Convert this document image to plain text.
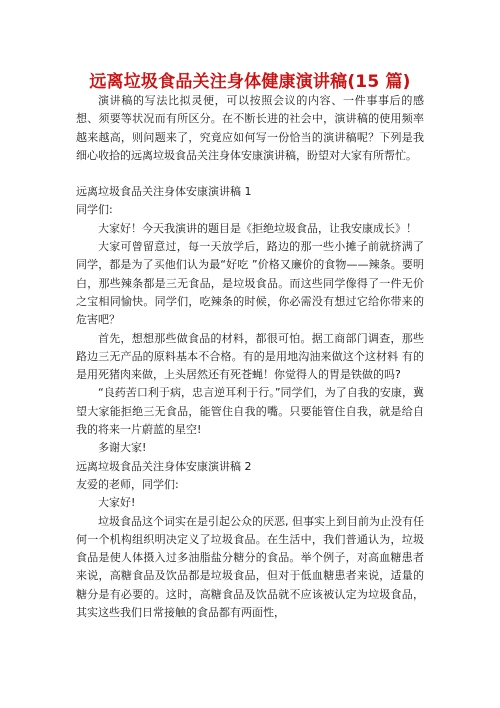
远离垃圾食品关注身体健康演讲稿(15 篇)

演讲稿的写法比拟灵便，可以按照会议的内容、一件事事后的感想、须要等状况而有所区分。在不断长进的社会中，演讲稿的使用频率越来越高，则问题来了，究竟应如何写一份恰当的演讲稿呢？下列是我细心收拾的远离垃圾食品关注身体安康演讲稿，盼望对大家有所帮忙。

远离垃圾食品关注身体安康演讲稿 1

同学们:

大家好！今天我演讲的题目是《拒绝垃圾食品，让我安康成长》！

大家可曾留意过，每一天放学后，路边的那一些小摊子前就挤满了同学，都是为了买他们认为最“好吃 ”价格又廉价的食物——辣条。要明白，那些辣条都是三无食品，是垃圾食品。而这些同学像得了一件无价之宝相同愉快。同学们，吃辣条的时候，你必需没有想过它给你带来的危害吧？

首先，想想那些做食品的材料，都很可怕。据工商部门调查，那些路边三无产品的原料基本不合格。有的是用地沟油来做这个这材料 有的是用死猪肉来做，上头居然还有死苍蝇！你觉得人的胃是铁做的吗?

“良药苦口利于病，忠言逆耳利于行。”同学们，为了自我的安康，冀望大家能拒绝三无食品，能管住自我的嘴。只要能管住自我，就是给自我的将来一片蔚蓝的星空!

多谢大家!

远离垃圾食品关注身体安康演讲稿 2

友爱的老师，同学们:

大家好!

垃圾食品这个词实在是引起公众的厌恶, 但事实上到目前为止没有任何一个机构组织明决定义了垃圾食品。在生活中，我们普通认为，垃圾食品是使人体摄入过多油脂盐分糖分的食品。举个例子，对高血糖患者来说，高糖食品及饮品都是垃圾食品，但对于低血糖患者来说，适量的糖分是有必要的。这时，高糖食品及饮品就不应该被认定为垃圾食品，其实这些我们日常接触的食品都有两面性，
